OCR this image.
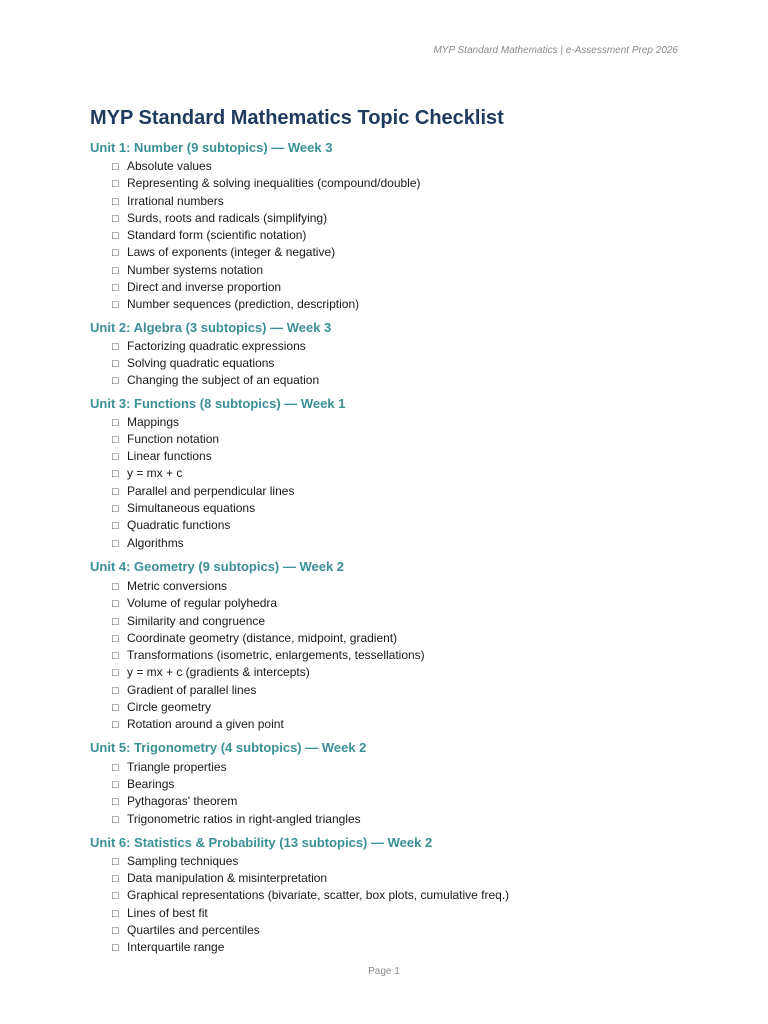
MYP Standard Mathematics | e-Assessment Prep 2026
MYP Standard Mathematics Topic Checklist
Unit 1: Number (9 subtopics) — Week 3
□ Absolute values
□ Representing & solving inequalities (compound/double)
□ Irrational numbers
□ Surds, roots and radicals (simplifying)
□ Standard form (scientific notation)
□ Laws of exponents (integer & negative)
□ Number systems notation
□ Direct and inverse proportion
□ Number sequences (prediction, description)
Unit 2: Algebra (3 subtopics) — Week 3
□ Factorizing quadratic expressions
□ Solving quadratic equations
□ Changing the subject of an equation
Unit 3: Functions (8 subtopics) — Week 1
□ Mappings
□ Function notation
□ Linear functions
□ y = mx + c
□ Parallel and perpendicular lines
□ Simultaneous equations
□ Quadratic functions
□ Algorithms
Unit 4: Geometry (9 subtopics) — Week 2
□ Metric conversions
□ Volume of regular polyhedra
□ Similarity and congruence
□ Coordinate geometry (distance, midpoint, gradient)
□ Transformations (isometric, enlargements, tessellations)
□ y = mx + c (gradients & intercepts)
□ Gradient of parallel lines
□ Circle geometry
□ Rotation around a given point
Unit 5: Trigonometry (4 subtopics) — Week 2
□ Triangle properties
□ Bearings
□ Pythagoras' theorem
□ Trigonometric ratios in right-angled triangles
Unit 6: Statistics & Probability (13 subtopics) — Week 2
□ Sampling techniques
□ Data manipulation & misinterpretation
□ Graphical representations (bivariate, scatter, box plots, cumulative freq.)
□ Lines of best fit
□ Quartiles and percentiles
□ Interquartile range
Page 1
